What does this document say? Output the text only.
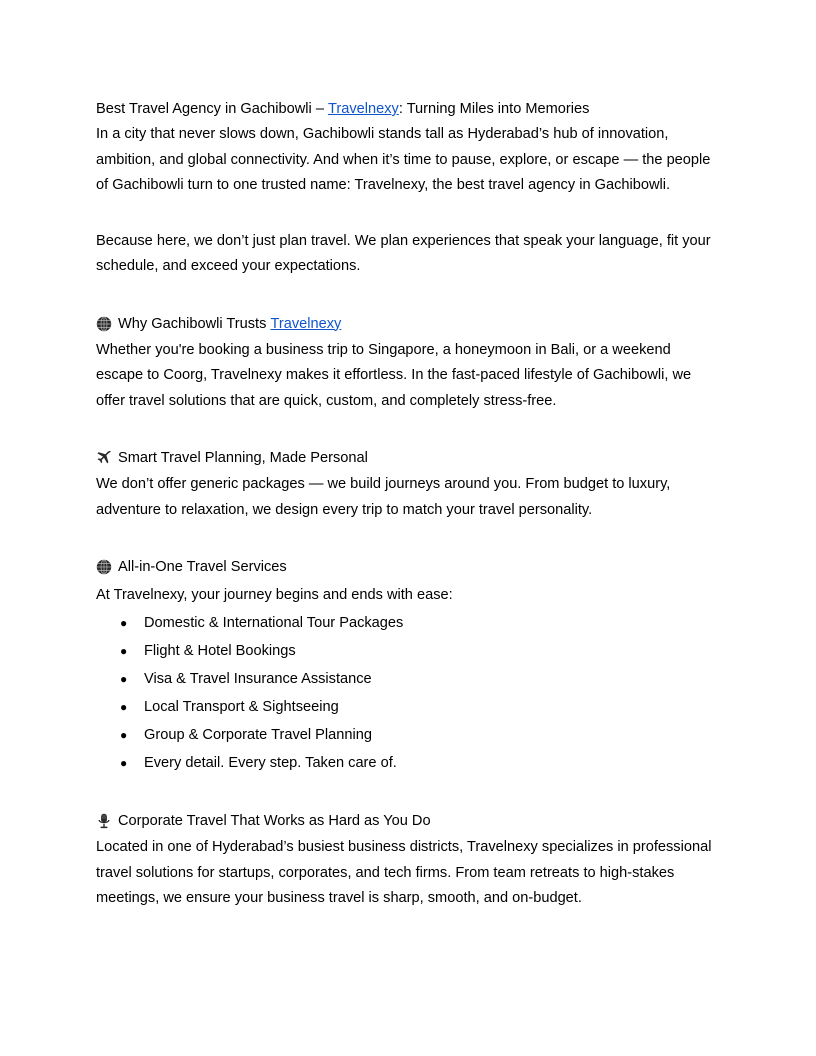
Best Travel Agency in Gachibowli – Travelnexy : Turning Miles into Memories
In a city that never slows down, Gachibowli stands tall as Hyderabad’s hub of innovation,
ambition, and global connectivity. And when it’s time to pause, explore, or escape — the people
of Gachibowli turn to one trusted name: Travelnexy, the best travel agency in Gachibowli.
Because here, we don’t just plan travel. We plan experiences that speak your language, fit your
schedule, and exceed your expectations.
Why Gachibowli Trusts Travelnexy
Whether you're booking a business trip to Singapore, a honeymoon in Bali, or a weekend
escape to Coorg, Travelnexy makes it effortless. In the fast-paced lifestyle of Gachibowli, we
offer travel solutions that are quick, custom, and completely stress-free.
Smart Travel Planning, Made Personal
We don’t offer generic packages — we build journeys around you. From budget to luxury,
adventure to relaxation, we design every trip to match your travel personality.
All-in-One Travel Services
At Travelnexy, your journey begins and ends with ease:
● Domestic & International Tour Packages
● Flight & Hotel Bookings
● Visa & Travel Insurance Assistance
● Local Transport & Sightseeing
● Group & Corporate Travel Planning
● Every detail. Every step. Taken care of.
Corporate Travel That Works as Hard as You Do
Located in one of Hyderabad’s busiest business districts, Travelnexy specializes in professional
travel solutions for startups, corporates, and tech firms. From team retreats to high-stakes
meetings, we ensure your business travel is sharp, smooth, and on-budget.
